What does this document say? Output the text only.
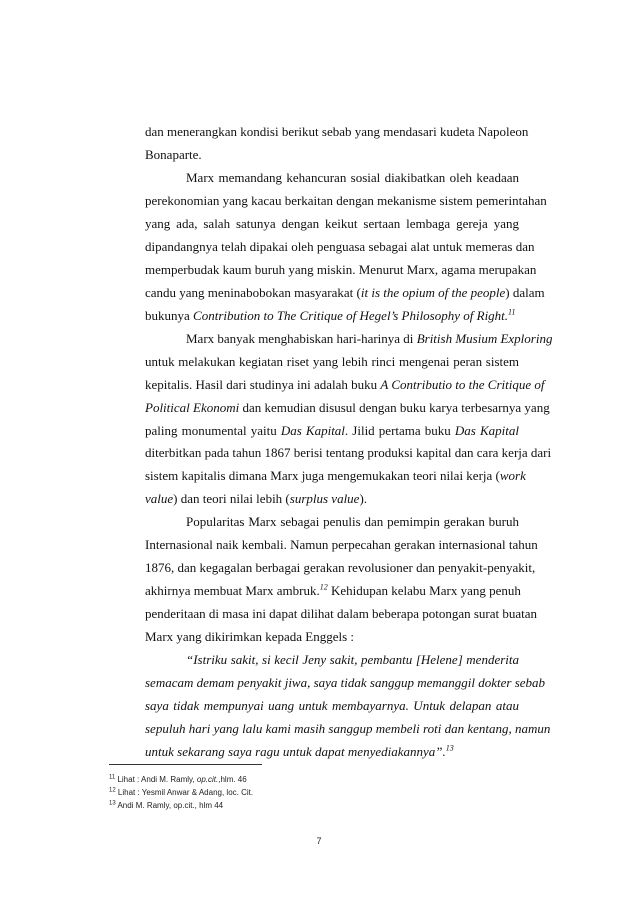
dan menerangkan kondisi berikut sebab yang mendasari kudeta Napoleon
Bonaparte.
Marx memandang kehancuran sosial diakibatkan oleh keadaan
perekonomian yang kacau berkaitan dengan mekanisme sistem pemerintahan
yang ada, salah satunya dengan keikut sertaan lembaga gereja yang
dipandangnya telah dipakai oleh penguasa sebagai alat untuk memeras dan
memperbudak kaum buruh yang miskin. Menurut Marx, agama merupakan
candu yang meninabobokan masyarakat (it is the opium of the people) dalam
bukunya Contribution to The Critique of Hegel’s Philosophy of Right.$^{11}$
Marx banyak menghabiskan hari-harinya di British Musium Exploring
untuk melakukan kegiatan riset yang lebih rinci mengenai peran sistem
kepitalis. Hasil dari studinya ini adalah buku A Contributio to the Critique of
Political Ekonomi dan kemudian disusul dengan buku karya terbesarnya yang
paling monumental yaitu Das Kapital. Jilid pertama buku Das Kapital
diterbitkan pada tahun 1867 berisi tentang produksi kapital dan cara kerja dari
sistem kapitalis dimana Marx juga mengemukakan teori nilai kerja (work
value) dan teori nilai lebih (surplus value).
Popularitas Marx sebagai penulis dan pemimpin gerakan buruh
Internasional naik kembali. Namun perpecahan gerakan internasional tahun
1876, dan kegagalan berbagai gerakan revolusioner dan penyakit-penyakit,
akhirnya membuat Marx ambruk.$^{12}$ Kehidupan kelabu Marx yang penuh
penderitaan di masa ini dapat dilihat dalam beberapa potongan surat buatan
Marx yang dikirimkan kepada Enggels :
“Istriku sakit, si kecil Jeny sakit, pembantu [Helene] menderita
semacam demam penyakit jiwa, saya tidak sanggup memanggil dokter sebab
saya tidak mempunyai uang untuk membayarnya. Untuk delapan atau
$^{11}$ Lihat : Andi M. Ramly, op.cit.,hlm. 46
$^{12}$ Lihat : Yesmil Anwar & Adang, loc. Cit.
$^{13}$ Andi M. Ramly, op.cit., hlm 44
7
sepuluh hari yang lalu kami masih sanggup membeli roti dan kentang, namun
untuk sekarang saya ragu untuk dapat menyediakannya”.$^{13}$
